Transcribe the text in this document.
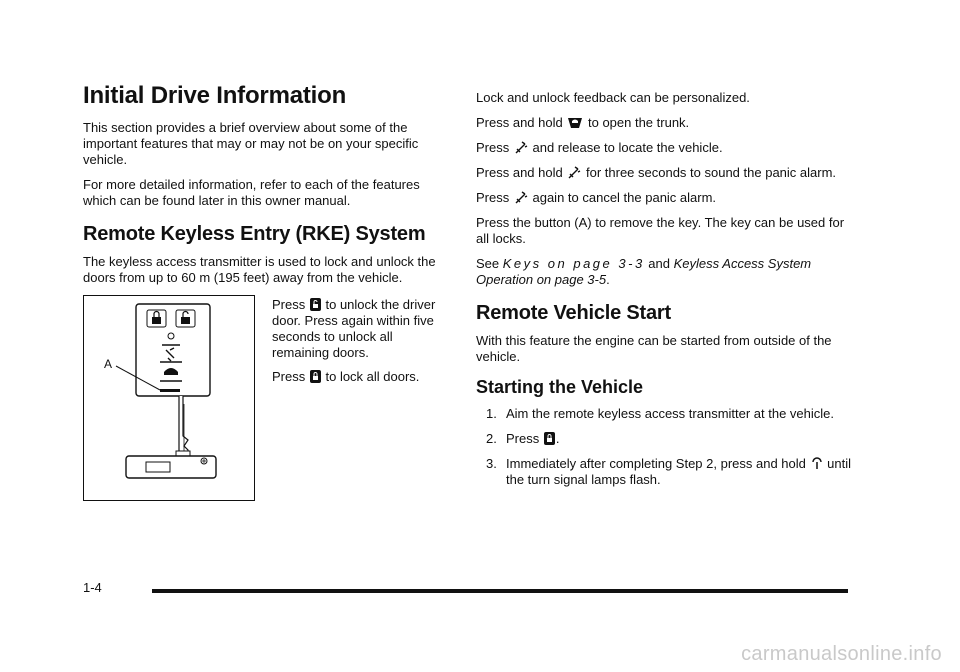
Initial Drive Information

This section provides a brief overview about some of the important features that may or may not be on your specific vehicle.

For more detailed information, refer to each of the features which can be found later in this owner manual.

Remote Keyless Entry (RKE) System

The keyless access transmitter is used to lock and unlock the doors from up to 60 m (195 feet) away from the vehicle.

A

Press to unlock the driver door. Press again within five seconds to unlock all remaining doors.

Press to lock all doors.

Lock and unlock feedback can be personalized.

Press and hold to open the trunk.

Press and release to locate the vehicle.

Press and hold for three seconds to sound the panic alarm.

Press again to cancel the panic alarm.

Press the button (A) to remove the key. The key can be used for all locks.

See Keys on page 3-3 and Keyless Access System Operation on page 3-5.

Remote Vehicle Start

With this feature the engine can be started from outside of the vehicle.

Starting the Vehicle
1. Aim the remote keyless access transmitter at the vehicle.
2. Press .
3. Immediately after completing Step 2, press and hold until the turn signal lamps flash.
1-4
carmanualsonline.info
